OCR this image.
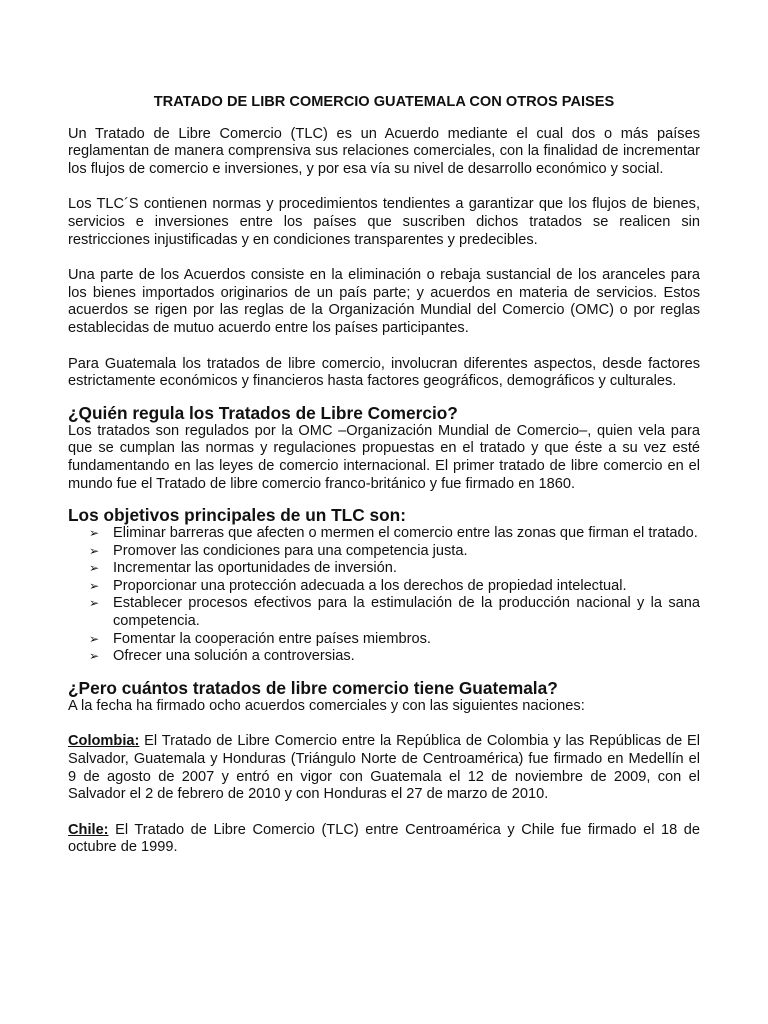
TRATADO DE LIBR COMERCIO GUATEMALA CON OTROS PAISES

Un Tratado de Libre Comercio (TLC) es un Acuerdo mediante el cual dos o más países reglamentan de manera comprensiva sus relaciones comerciales, con la finalidad de incrementar los flujos de comercio e inversiones, y por esa vía su nivel de desarrollo económico y social.

Los TLC´S contienen normas y procedimientos tendientes a garantizar que los flujos de bienes, servicios e inversiones entre los países que suscriben dichos tratados se realicen sin restricciones injustificadas y en condiciones transparentes y predecibles.

Una parte de los Acuerdos consiste en la eliminación o rebaja sustancial de los aranceles para los bienes importados originarios de un país parte; y acuerdos en materia de servicios. Estos acuerdos se rigen por las reglas de la Organización Mundial del Comercio (OMC) o por reglas establecidas de mutuo acuerdo entre los países participantes.

Para Guatemala los tratados de libre comercio, involucran diferentes aspectos, desde factores estrictamente económicos y financieros hasta factores geográficos, demográficos y culturales.

¿Quién regula los Tratados de Libre Comercio?

Los tratados son regulados por la OMC –Organización Mundial de Comercio–, quien vela para que se cumplan las normas y regulaciones propuestas en el tratado y que éste a su vez esté fundamentando en las leyes de comercio internacional. El primer tratado de libre comercio en el mundo fue el Tratado de libre comercio franco-británico y fue firmado en 1860.

Los objetivos principales de un TLC son:
➢ Eliminar barreras que afecten o mermen el comercio entre las zonas que firman el tratado.
➢ Promover las condiciones para una competencia justa.
➢ Incrementar las oportunidades de inversión.
➢ Proporcionar una protección adecuada a los derechos de propiedad intelectual.
➢ Establecer procesos efectivos para la estimulación de la producción nacional y la sana competencia.
➢ Fomentar la cooperación entre países miembros.
➢ Ofrecer una solución a controversias.
¿Pero cuántos tratados de libre comercio tiene Guatemala?

A la fecha ha firmado ocho acuerdos comerciales y con las siguientes naciones:

Colombia: El Tratado de Libre Comercio entre la República de Colombia y las Repúblicas de El Salvador, Guatemala y Honduras (Triángulo Norte de Centroamérica) fue firmado en Medellín el 9 de agosto de 2007 y entró en vigor con Guatemala el 12 de noviembre de 2009, con el Salvador el 2 de febrero de 2010 y con Honduras el 27 de marzo de 2010.

Chile: El Tratado de Libre Comercio (TLC) entre Centroamérica y Chile fue firmado el 18 de octubre de 1999.
